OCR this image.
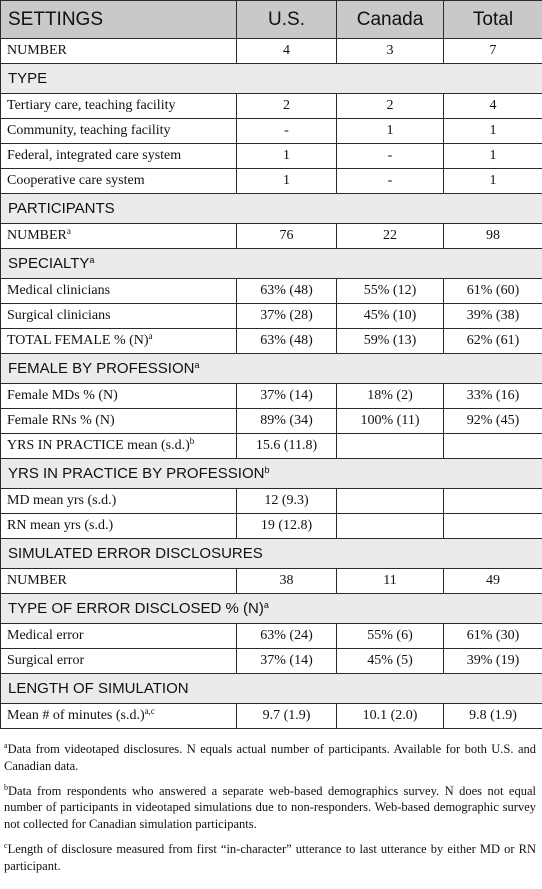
SETTINGS	U.S.	Canada	Total
NUMBER	4	3	7
TYPE			
Tertiary care, teaching facility	2	2	4
Community, teaching facility	-	1	1
Federal, integrated care system	1	-	1
Cooperative care system	1	-	1
PARTICIPANTS			
NUMBER$^a$	76	22	98
SPECIALTY$^a$
Medical clinicians	63% (48)	55% (12)	61% (60)
Surgical clinicians	37% (28)	45% (10)	39% (38)
TOTAL FEMALE % $(N)^a$	63% (48)	59% (13)	62% (61)
FEMALE BY PROFESSION$^a$
Female MDs % (N)	37% (14)	18% (2)	33% (16)
Female RNs % (N)	89% (34)	100% (11)	92% (45)
YRS IN PRACTICE mean $(s.d.)^b$	15.6 (11.8)		
YRS IN PRACTICE BY PROFESSION$^b$
MD mean yrs (s.d.)	12 (9.3)		
RN mean yrs (s.d.)	19 (12.8)		
SIMULATED ERROR DISCLOSURES			
NUMBER	38	11	49
TYPE OF ERROR DISCLOSED % $(N)^a$
Medical error	63% (24)	55% (6)	61% (30)
Surgical error	37% (14)	45% (5)	39% (19)
LENGTH OF SIMULATION			
Mean # of minutes $(s.d.)^{a,c}$	9.7 (1.9)	10.1 (2.0)	9.8 (1.9)

$^a$Data from videotaped disclosures. N equals actual number of participants. Available for both U.S. and Canadian data.

$^b$Data from respondents who answered a separate web-based demographics survey. N does not equal number of participants in videotaped simulations due to non-responders. Web-based demographic survey not collected for Canadian simulation participants.

$^c$Length of disclosure measured from first “in-character” utterance to last utterance by either MD or RN participant.
